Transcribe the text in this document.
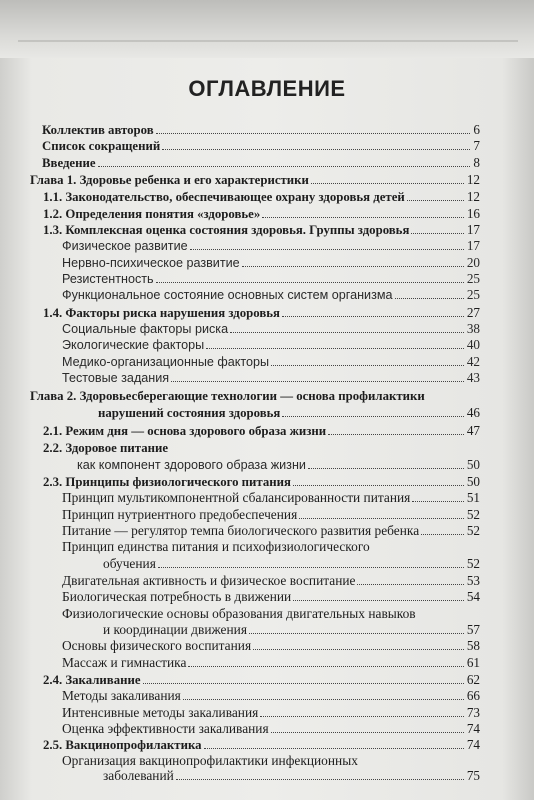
ОГЛАВЛЕНИЕ
Коллектив авторов	6
Список сокращений	7
Введение	8
Глава 1. Здоровье ребенка и его характеристики	12
1.1. Законодательство, обеспечивающее охрану здоровья детей	12
1.2. Определения понятия «здоровье»	16
1.3. Комплексная оценка состояния здоровья. Группы здоровья	17
Физическое развитие	17
Нервно-психическое развитие	20
Резистентность	25
Функциональное состояние основных систем организма	25
1.4. Факторы риска нарушения здоровья	27
Социальные факторы риска	38
Экологические факторы	40
Медико-организационные факторы	42
Тестовые задания	43
Глава 2. Здоровьесберегающие технологии — основа профилактики
нарушений состояния здоровья	46
2.1. Режим дня — основа здорового образа жизни	47
2.2. Здоровое питание
как компонент здорового образа жизни	50
2.3. Принципы физиологического питания	50
Принцип мультикомпонентной сбалансированности питания	51
Принцип нутриентного предобеспечения	52
Питание — регулятор темпа биологического развития ребенка	52
Принцип единства питания и психофизиологического
обучения	52
Двигательная активность и физическое воспитание	53
Биологическая потребность в движении	54
Физиологические основы образования двигательных навыков
и координации движения	57
Основы физического воспитания	58
Массаж и гимнастика	61
2.4. Закаливание	62
Методы закаливания	66
Интенсивные методы закаливания	73
Оценка эффективности закаливания	74
2.5. Вакцинопрофилактика	74
Организация вакцинопрофилактики инфекционных
заболеваний	75
